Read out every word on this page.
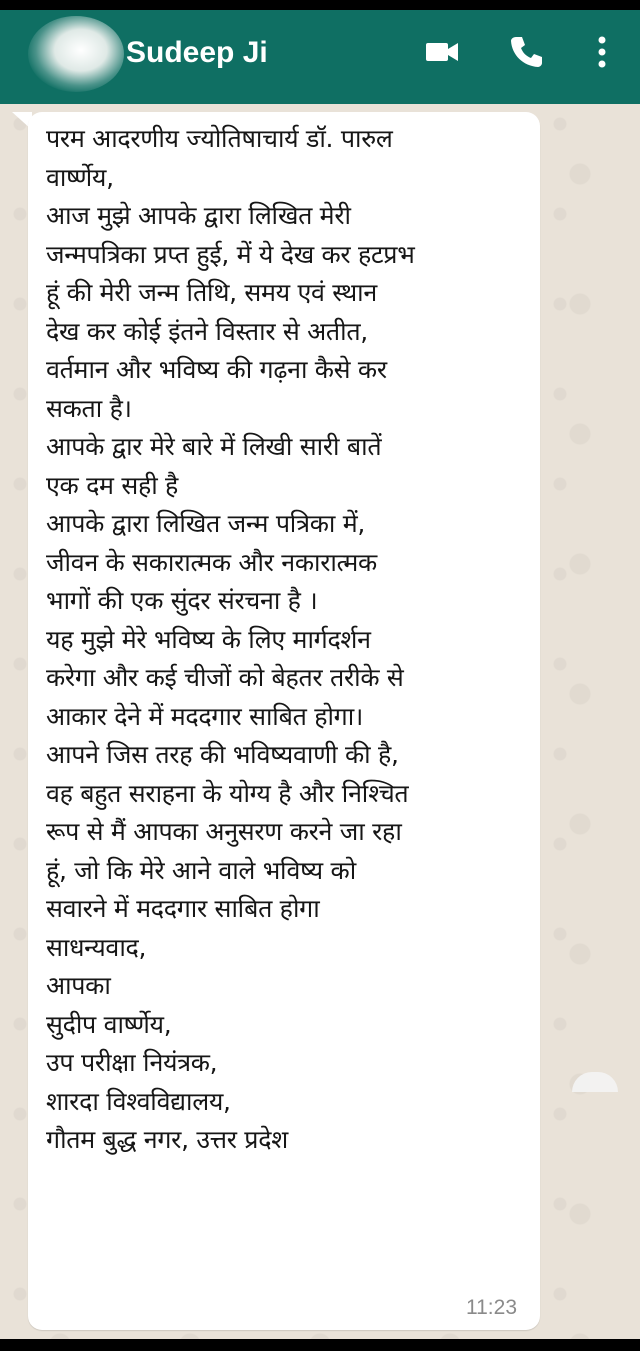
Sudeep Ji
परम आदरणीय ज्योतिषाचार्य डॉ. पारुल
वार्ष्णेय,
आज मुझे आपके द्वारा लिखित मेरी
जन्मपत्रिका प्रप्त हुई, में ये देख कर हटप्रभ
हूं की मेरी जन्म तिथि, समय एवं स्थान
देख कर कोई इंतने विस्तार से अतीत,
वर्तमान और भविष्य की गढ़ना कैसे कर
सकता है।
आपके द्वार मेरे बारे में लिखी सारी बातें
एक दम सही है
आपके द्वारा लिखित जन्म पत्रिका में,
जीवन के सकारात्मक और नकारात्मक
भागों की एक सुंदर संरचना है ।
यह मुझे मेरे भविष्य के लिए मार्गदर्शन
करेगा और कई चीजों को बेहतर तरीके से
आकार देने में मददगार साबित होगा।
आपने जिस तरह की भविष्यवाणी की है,
वह बहुत सराहना के योग्य है और निश्चित
रूप से मैं आपका अनुसरण करने जा रहा
हूं, जो कि मेरे आने वाले भविष्य को
सवारने में मददगार साबित होगा
साधन्यवाद,
आपका
सुदीप वार्ष्णेय,
उप परीक्षा नियंत्रक,
शारदा विश्वविद्यालय,
गौतम बुद्ध नगर, उत्तर प्रदेश
11:23
